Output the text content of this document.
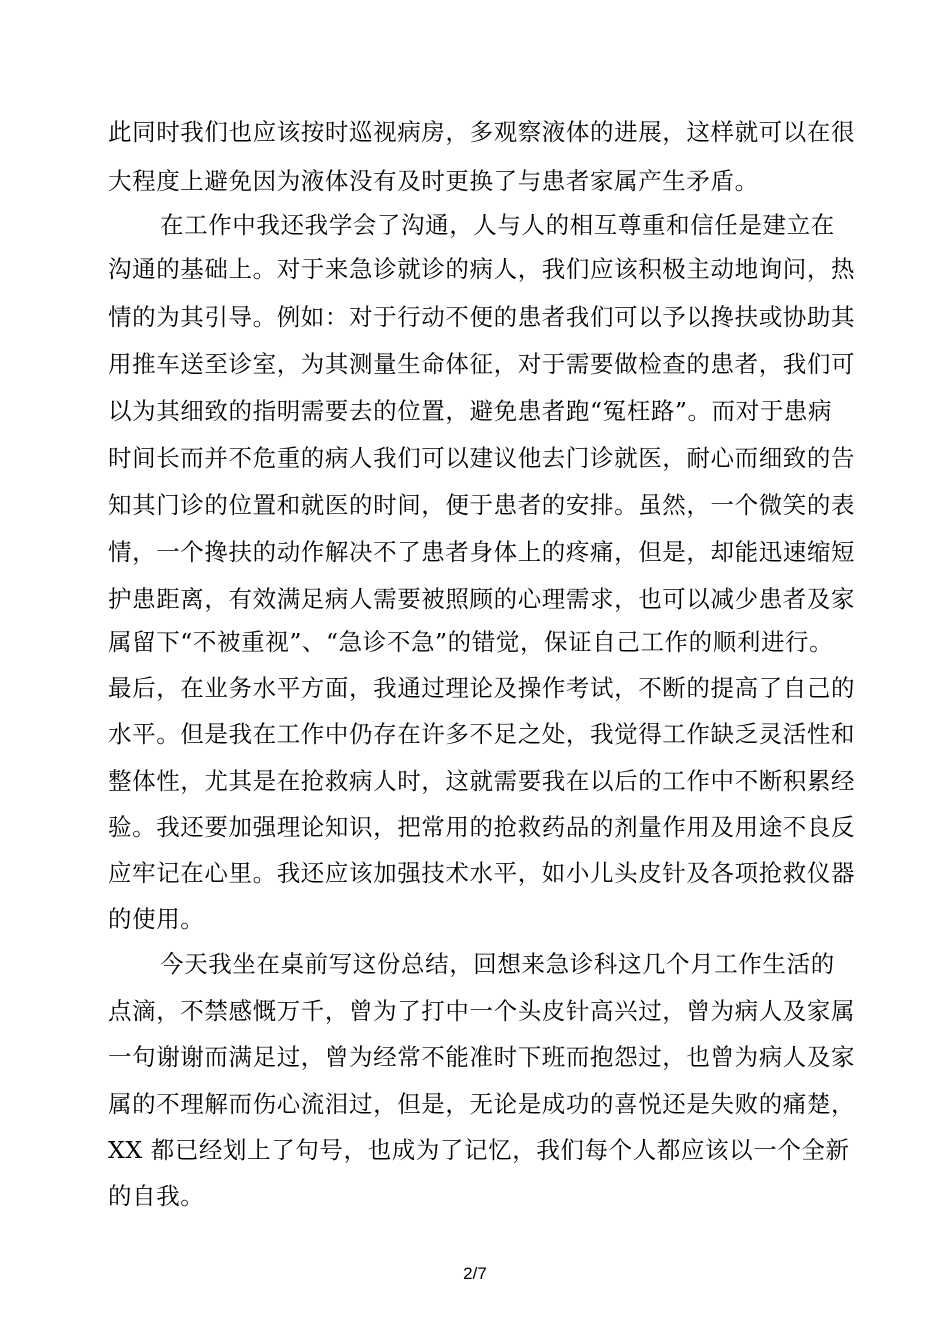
此同时我们也应该按时巡视病房，多观察液体的进展，这样就可以在很
大程度上避免因为液体没有及时更换了与患者家属产生矛盾。
在工作中我还我学会了沟通，人与人的相互尊重和信任是建立在
沟通的基础上。对于来急诊就诊的病人，我们应该积极主动地询问，热
情的为其引导。例如：对于行动不便的患者我们可以予以搀扶或协助其
用推车送至诊室，为其测量生命体征，对于需要做检查的患者，我们可
以为其细致的指明需要去的位置，避免患者跑“冤枉路”。而对于患病
时间长而并不危重的病人我们可以建议他去门诊就医，耐心而细致的告
知其门诊的位置和就医的时间，便于患者的安排。虽然，一个微笑的表
情，一个搀扶的动作解决不了患者身体上的疼痛，但是，却能迅速缩短
护患距离，有效满足病人需要被照顾的心理需求，也可以减少患者及家
属留下“不被重视”、“急诊不急”的错觉，保证自己工作的顺利进行。
最后，在业务水平方面，我通过理论及操作考试，不断的提高了自己的
水平。但是我在工作中仍存在许多不足之处，我觉得工作缺乏灵活性和
整体性，尤其是在抢救病人时，这就需要我在以后的工作中不断积累经
验。我还要加强理论知识，把常用的抢救药品的剂量作用及用途不良反
应牢记在心里。我还应该加强技术水平，如小儿头皮针及各项抢救仪器
的使用。
今天我坐在桌前写这份总结，回想来急诊科这几个月工作生活的
点滴，不禁感慨万千，曾为了打中一个头皮针高兴过，曾为病人及家属
一句谢谢而满足过，曾为经常不能准时下班而抱怨过，也曾为病人及家
属的不理解而伤心流泪过，但是，无论是成功的喜悦还是失败的痛楚，
XX 都已经划上了句号，也成为了记忆，我们每个人都应该以一个全新
的自我。
2/7
